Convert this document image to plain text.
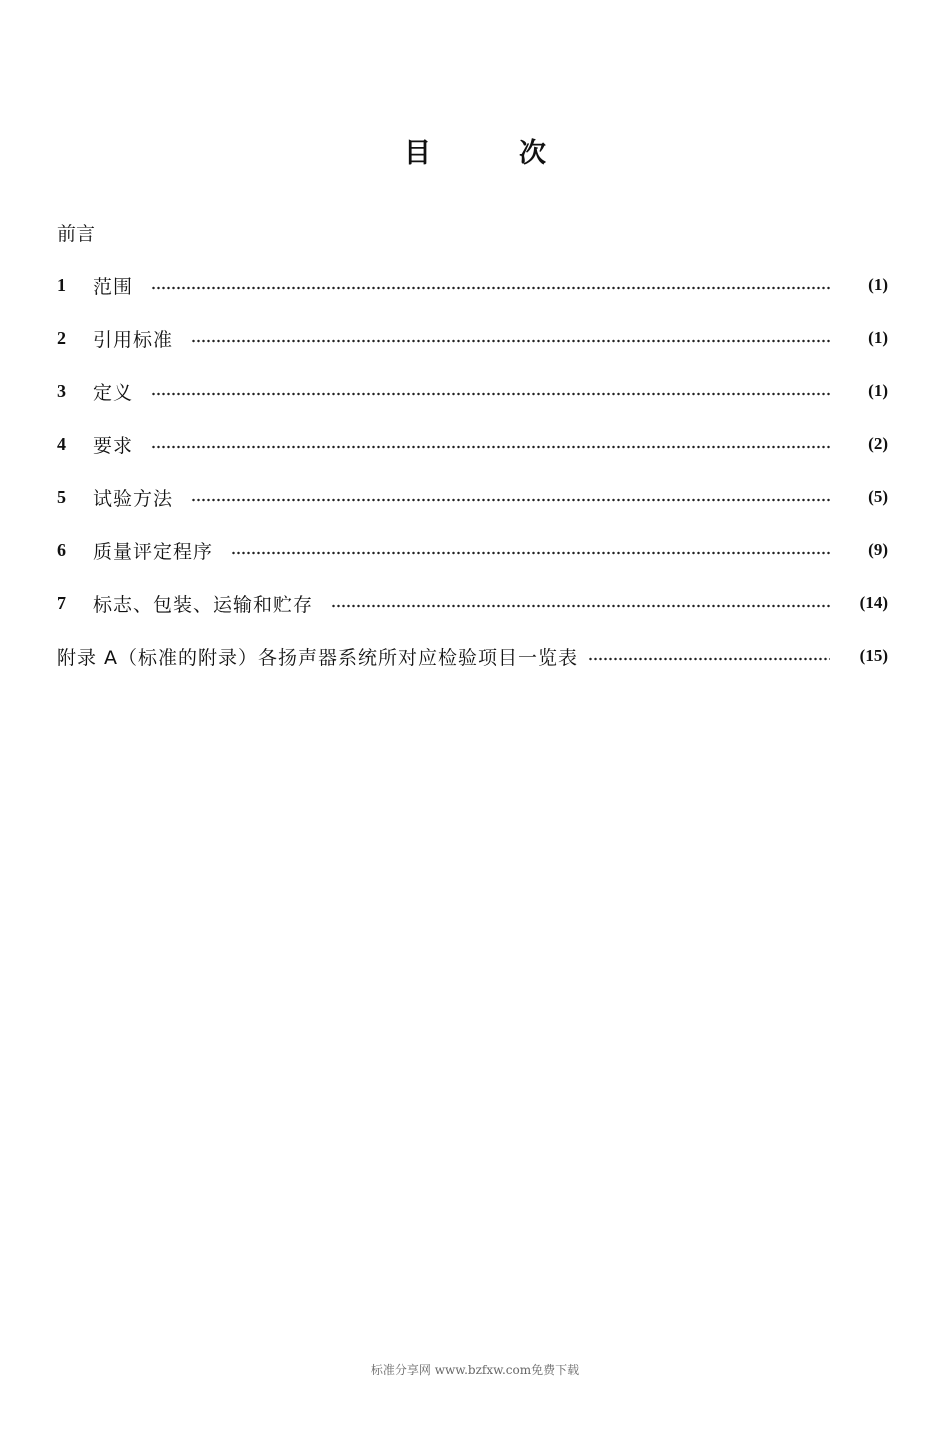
目	次
前言
1	范围	(1)
2	引用标准	(1)
3	定义	(1)
4	要求	(2)
5	试验方法	(5)
6	质量评定程序	(9)
7	标志、包装、运输和贮存	(14)
附录 A（标准的附录）各扬声器系统所对应检验项目一览表	(15)
标准分享网 www.bzfxw.com免费下载
